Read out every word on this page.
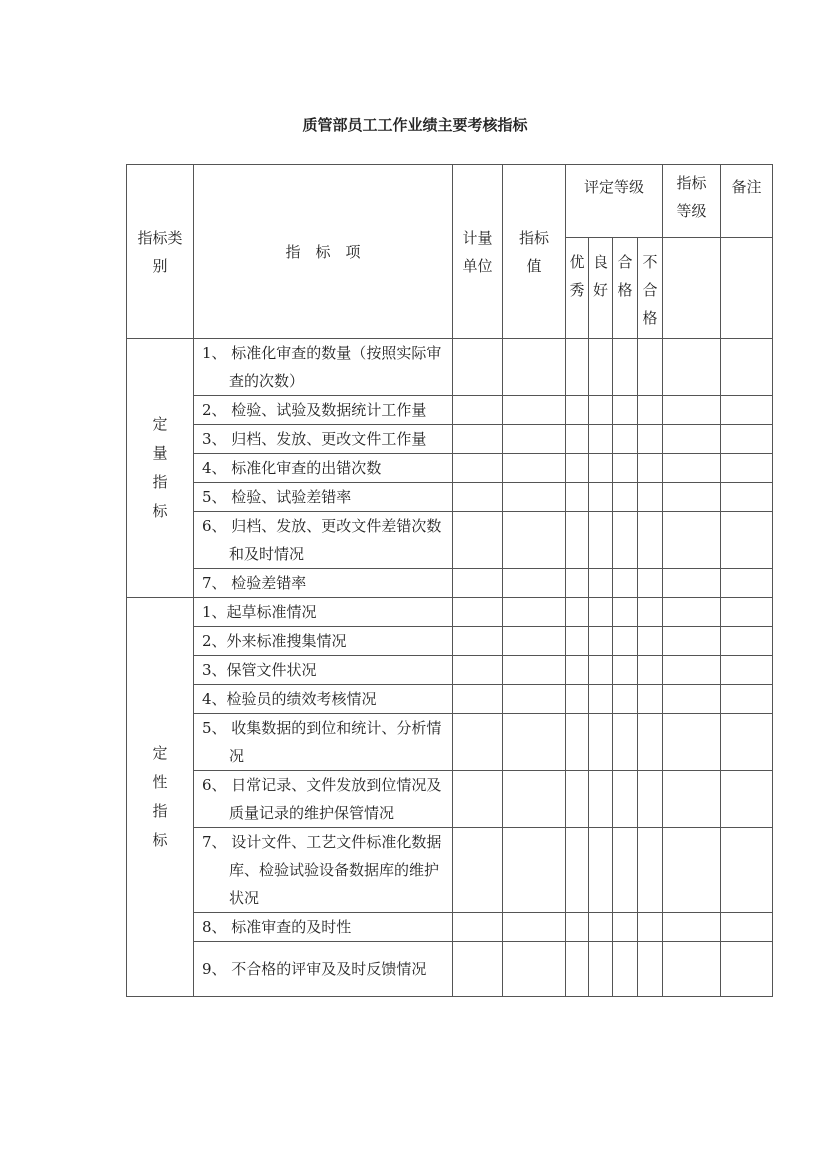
质管部员工工作业绩主要考核指标
指标类别	指　标　项	计量单位	指标值	评定等级				指标等级	备注
				优秀	良好	合格	不合格		
定量指标	1、 标准化审查的数量（按照实际审查的次数）								

	2、 检验、试验及数据统计工作量								

	3、 归档、发放、更改文件工作量								

	4、 标准化审查的出错次数								

	5、 检验、试验差错率								

	6、 归档、发放、更改文件差错次数和及时情况								

	7、 检验差错率								

定性指标	1、起草标准情况								

	2、外来标准搜集情况								

	3、保管文件状况								

	4、检验员的绩效考核情况								

	5、 收集数据的到位和统计、分析情况								

	6、 日常记录、文件发放到位情况及质量记录的维护保管情况								

	7、 设计文件、工艺文件标准化数据库、检验试验设备数据库的维护状况								

	8、 标准审查的及时性								

	9、 不合格的评审及及时反馈情况								
